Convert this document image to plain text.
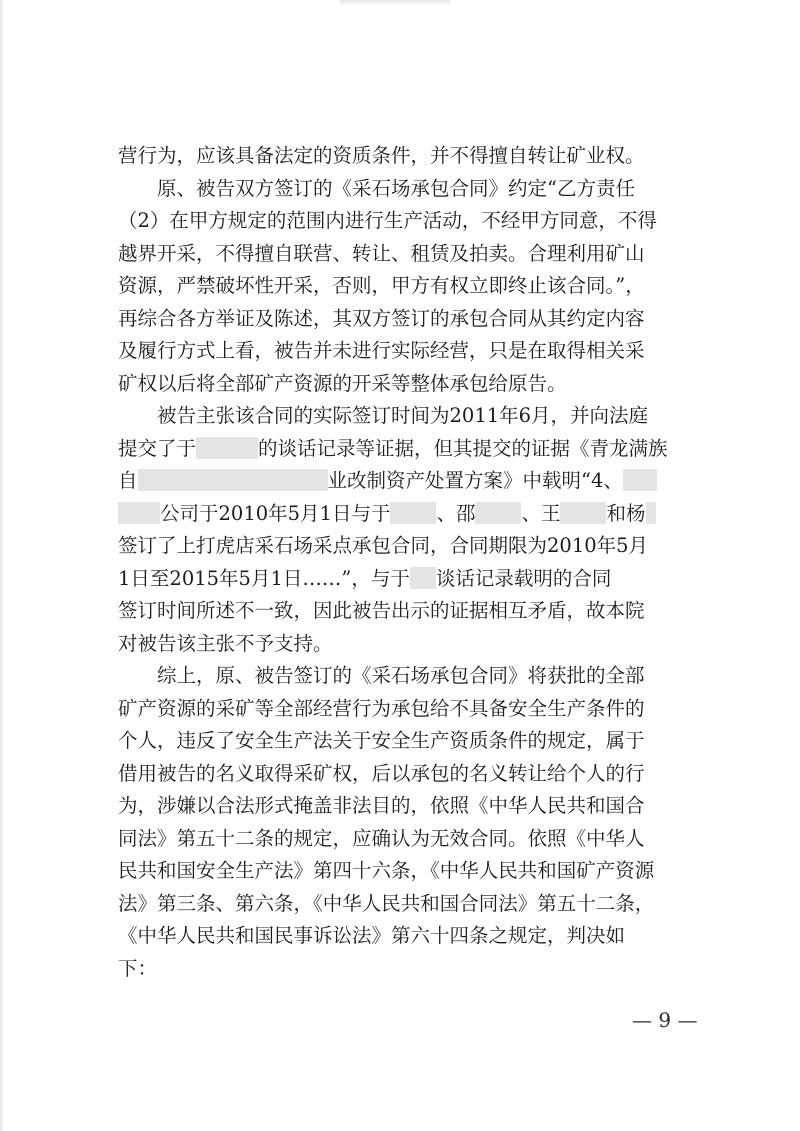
营行为，应该具备法定的资质条件，并不得擅自转让矿业权。
　　原、被告双方签订的《采石场承包合同》约定“乙方责任
（2）在甲方规定的范围内进行生产活动，不经甲方同意，不得
越界开采，不得擅自联营、转让、租赁及拍卖。合理利用矿山
资源，严禁破坏性开采，否则，甲方有权立即终止该合同。”，
再综合各方举证及陈述，其双方签订的承包合同从其约定内容
及履行方式上看，被告并未进行实际经营，只是在取得相关采
矿权以后将全部矿产资源的开采等整体承包给原告。

　　被告主张该合同的实际签订时间为2011年6月，并向法庭
提交了于	的谈话记录等证据，但其提交的证据《青龙满族
自	业改制资产处置方案》中载明“4、
公司于2010年5月1日与于 、邵 、王 和杨
签订了上打虎店采石场采点承包合同，合同期限为2010年5月
1日至2015年5月1日……”，与于 谈话记录载明的合同
签订时间所述不一致，因此被告出示的证据相互矛盾，故本院
对被告该主张不予支持。

　　综上，原、被告签订的《采石场承包合同》将获批的全部
矿产资源的采矿等全部经营行为承包给不具备安全生产条件的
个人，违反了安全生产法关于安全生产资质条件的规定，属于
借用被告的名义取得采矿权，后以承包的名义转让给个人的行
为，涉嫌以合法形式掩盖非法目的，依照《中华人民共和国合
同法》第五十二条的规定，应确认为无效合同。依照《中华人
民共和国安全生产法》第四十六条，《中华人民共和国矿产资源
法》第三条、第六条，《中华人民共和国合同法》第五十二条，
《中华人民共和国民事诉讼法》第六十四条之规定，判决如
下：

— 9 —
